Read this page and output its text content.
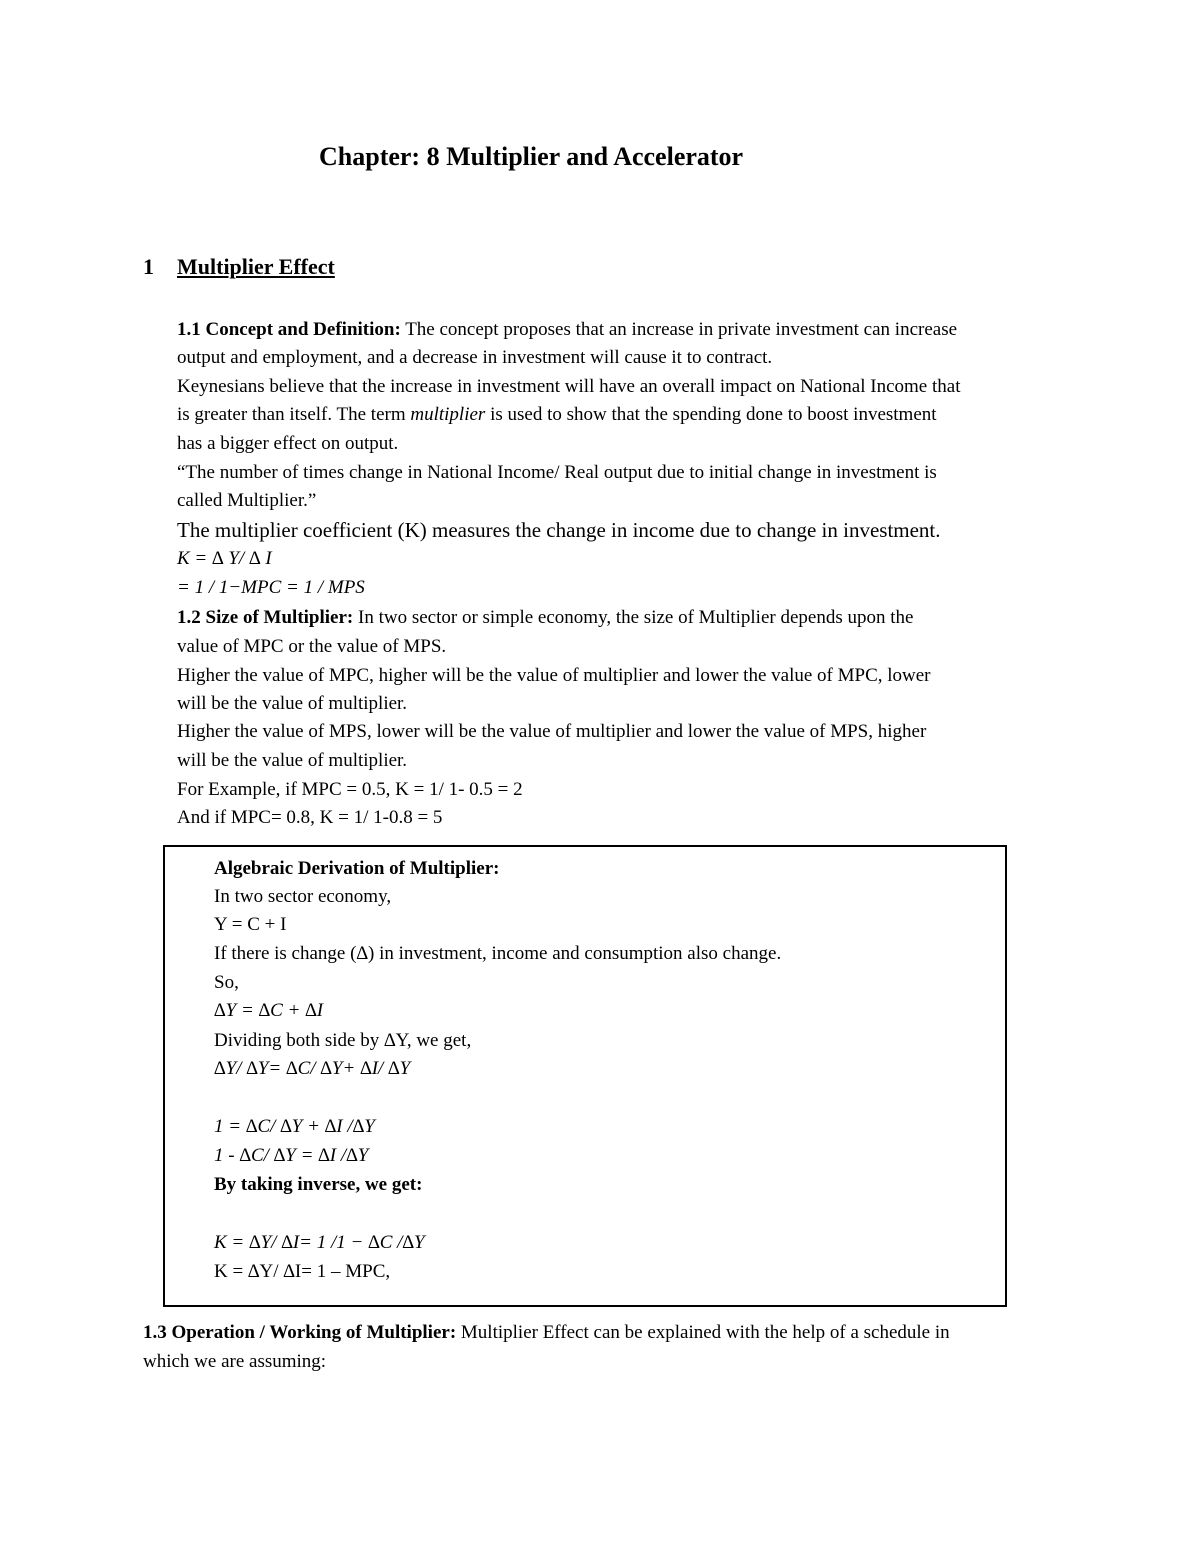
Chapter: 8 Multiplier and Accelerator
1 Multiplier Effect
1.1 Concept and Definition: The concept proposes that an increase in private investment can increase
output and employment, and a decrease in investment will cause it to contract.
Keynesians believe that the increase in investment will have an overall impact on National Income that
is greater than itself. The term multiplier is used to show that the spending done to boost investment
has a bigger effect on output.
“The number of times change in National Income/ Real output due to initial change in investment is
called Multiplier.”
The multiplier coefficient (K) measures the change in income due to change in investment.
K = ∆ Y/ ∆ I
= 1 / 1−MPC = 1 / MPS
1.2 Size of Multiplier: In two sector or simple economy, the size of Multiplier depends upon the
value of MPC or the value of MPS.
Higher the value of MPC, higher will be the value of multiplier and lower the value of MPC, lower
will be the value of multiplier.
Higher the value of MPS, lower will be the value of multiplier and lower the value of MPS, higher
will be the value of multiplier.
For Example, if MPC = 0.5, K = 1/ 1- 0.5 = 2
And if MPC= 0.8, K = 1/ 1-0.8 = 5
Algebraic Derivation of Multiplier:
In two sector economy,
Y = C + I
If there is change (∆) in investment, income and consumption also change.
So,
∆Y = ∆C + ∆I
Dividing both side by ∆Y, we get,
∆Y/ ∆Y= ∆C/ ∆Y+ ∆I/ ∆Y
1 = ∆C/ ∆Y + ∆I /∆Y
1 - ∆C/ ∆Y = ∆I /∆Y
By taking inverse, we get:
K = ∆Y/ ∆I= 1 /1 − ∆C /∆Y
K = ∆Y/ ∆I= 1 – MPC,
1.3 Operation / Working of Multiplier: Multiplier Effect can be explained with the help of a schedule in
which we are assuming:
